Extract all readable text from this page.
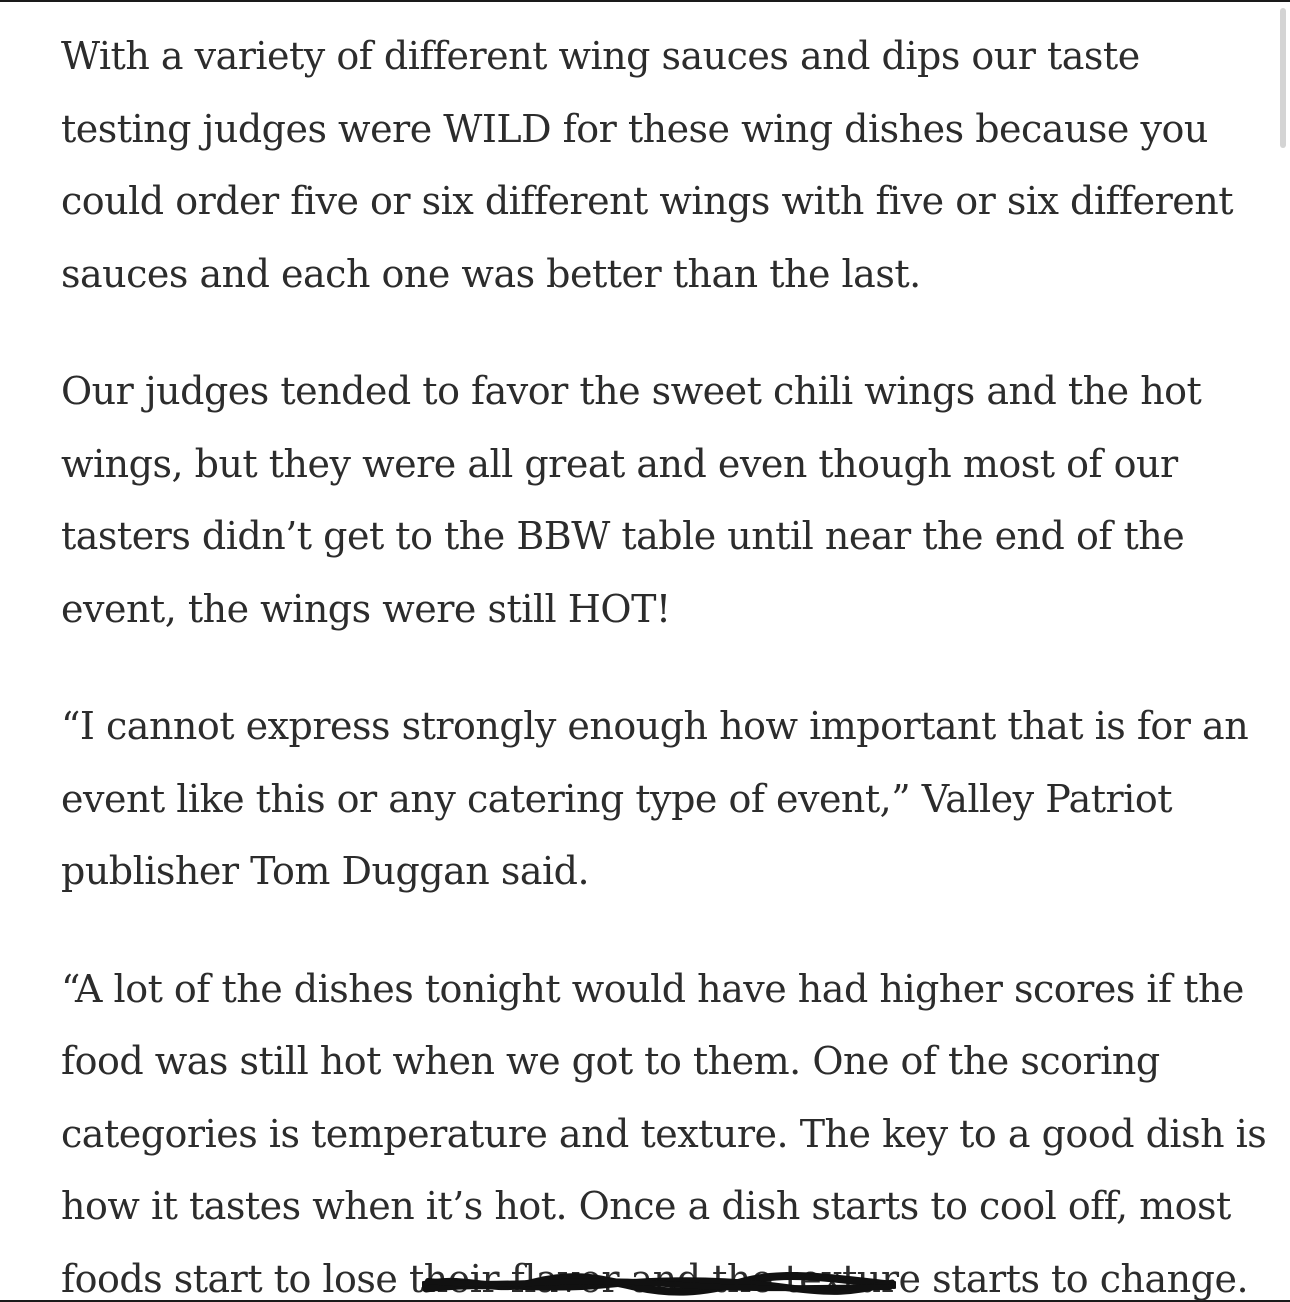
With a variety of different wing sauces and dips our taste
testing judges were WILD for these wing dishes because you
could order five or six different wings with five or six different
sauces and each one was better than the last.

Our judges tended to favor the sweet chili wings and the hot
wings, but they were all great and even though most of our
tasters didn’t get to the BBW table until near the end of the
event, the wings were still HOT!

“I cannot express strongly enough how important that is for an
event like this or any catering type of event,” Valley Patriot
publisher Tom Duggan said.

“A lot of the dishes tonight would have had higher scores if the
food was still hot when we got to them. One of the scoring
categories is temperature and texture. The key to a good dish is
how it tastes when it’s hot. Once a dish starts to cool off, most
foods start to lose their flavor and the textur
e starts to change.
